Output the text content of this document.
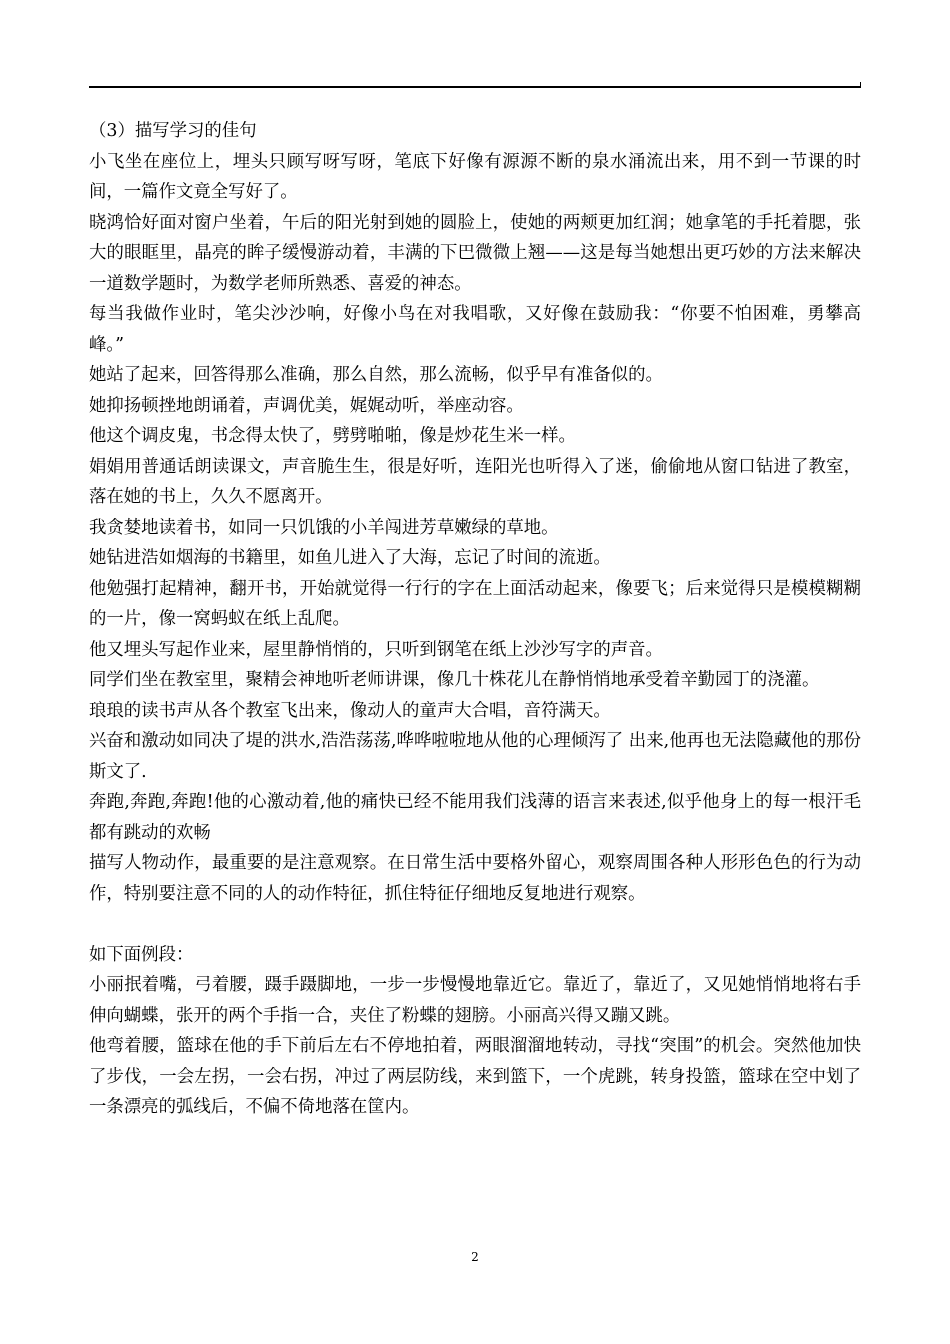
（3）描写学习的佳句

小飞坐在座位上，埋头只顾写呀写呀，笔底下好像有源源不断的泉水涌流出来，用不到一节课的时间，一篇作文竟全写好了。

晓鸿恰好面对窗户坐着，午后的阳光射到她的圆脸上，使她的两颊更加红润；她拿笔的手托着腮，张大的眼眶里，晶亮的眸子缓慢游动着，丰满的下巴微微上翘——这是每当她想出更巧妙的方法来解决一道数学题时，为数学老师所熟悉、喜爱的神态。

每当我做作业时，笔尖沙沙响，好像小鸟在对我唱歌，又好像在鼓励我：“你要不怕困难，勇攀高峰。”

她站了起来，回答得那么准确，那么自然，那么流畅，似乎早有准备似的。

她抑扬顿挫地朗诵着，声调优美，娓娓动听，举座动容。

他这个调皮鬼，书念得太快了，劈劈啪啪，像是炒花生米一样。

娟娟用普通话朗读课文，声音脆生生，很是好听，连阳光也听得入了迷，偷偷地从窗口钻进了教室，落在她的书上，久久不愿离开。

我贪婪地读着书，如同一只饥饿的小羊闯进芳草嫩绿的草地。

她钻进浩如烟海的书籍里，如鱼儿进入了大海，忘记了时间的流逝。

他勉强打起精神，翻开书，开始就觉得一行行的字在上面活动起来，像要飞；后来觉得只是模模糊糊的一片，像一窝蚂蚁在纸上乱爬。

他又埋头写起作业来，屋里静悄悄的，只听到钢笔在纸上沙沙写字的声音。

同学们坐在教室里，聚精会神地听老师讲课，像几十株花儿在静悄悄地承受着辛勤园丁的浇灌。

琅琅的读书声从各个教室飞出来，像动人的童声大合唱，音符满天。

兴奋和激动如同决了堤的洪水,浩浩荡荡,哗哗啦啦地从他的心理倾泻了 出来,他再也无法隐藏他的那份斯文了.

奔跑,奔跑,奔跑!他的心激动着,他的痛快已经不能用我们浅薄的语言来表述,似乎他身上的每一根汗毛都有跳动的欢畅

描写人物动作，最重要的是注意观察。在日常生活中要格外留心，观察周围各种人形形色色的行为动作，特别要注意不同的人的动作特征，抓住特征仔细地反复地进行观察。

如下面例段：

小丽抿着嘴，弓着腰，蹑手蹑脚地，一步一步慢慢地靠近它。靠近了，靠近了，又见她悄悄地将右手伸向蝴蝶，张开的两个手指一合，夹住了粉蝶的翅膀。小丽高兴得又蹦又跳。

他弯着腰，篮球在他的手下前后左右不停地拍着，两眼溜溜地转动，寻找“突围”的机会。突然他加快了步伐，一会左拐，一会右拐，冲过了两层防线，来到篮下，一个虎跳，转身投篮，篮球在空中划了一条漂亮的弧线后，不偏不倚地落在筐内。

2
